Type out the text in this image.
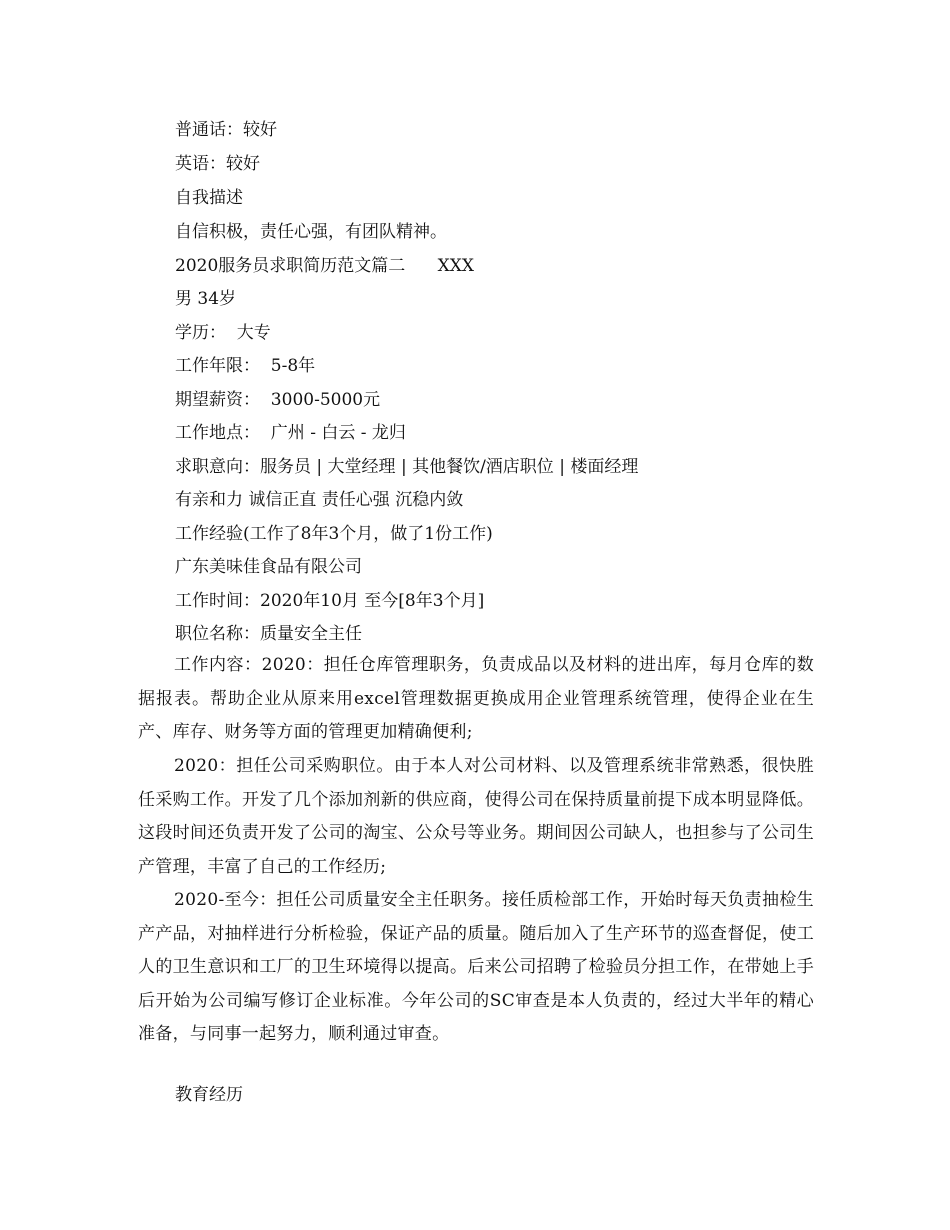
普通话：较好
英语：较好
自我描述
自信积极，责任心强，有团队精神。
2020服务员求职简历范文篇二      XXX
男 34岁
学历：  大专
工作年限：  5-8年
期望薪资：  3000-5000元
工作地点：  广州 - 白云 - 龙归
求职意向：服务员 | 大堂经理 | 其他餐饮/酒店职位 | 楼面经理
有亲和力 诚信正直 责任心强 沉稳内敛
工作经验(工作了8年3个月，做了1份工作)
广东美味佳食品有限公司
工作时间：2020年10月 至今[8年3个月]
职位名称：质量安全主任
工作内容：2020：担任仓库管理职务，负责成品以及材料的进出库，每月仓库的数据报表。帮助企业从原来用excel管理数据更换成用企业管理系统管理，使得企业在生产、库存、财务等方面的管理更加精确便利;
2020：担任公司采购职位。由于本人对公司材料、以及管理系统非常熟悉，很快胜任采购工作。开发了几个添加剂新的供应商，使得公司在保持质量前提下成本明显降低。这段时间还负责开发了公司的淘宝、公众号等业务。期间因公司缺人，也担参与了公司生产管理，丰富了自己的工作经历;
2020-至今：担任公司质量安全主任职务。接任质检部工作，开始时每天负责抽检生产产品，对抽样进行分析检验，保证产品的质量。随后加入了生产环节的巡查督促，使工人的卫生意识和工厂的卫生环境得以提高。后来公司招聘了检验员分担工作，在带她上手后开始为公司编写修订企业标准。今年公司的SC审查是本人负责的，经过大半年的精心准备，与同事一起努力，顺利通过审查。
教育经历
